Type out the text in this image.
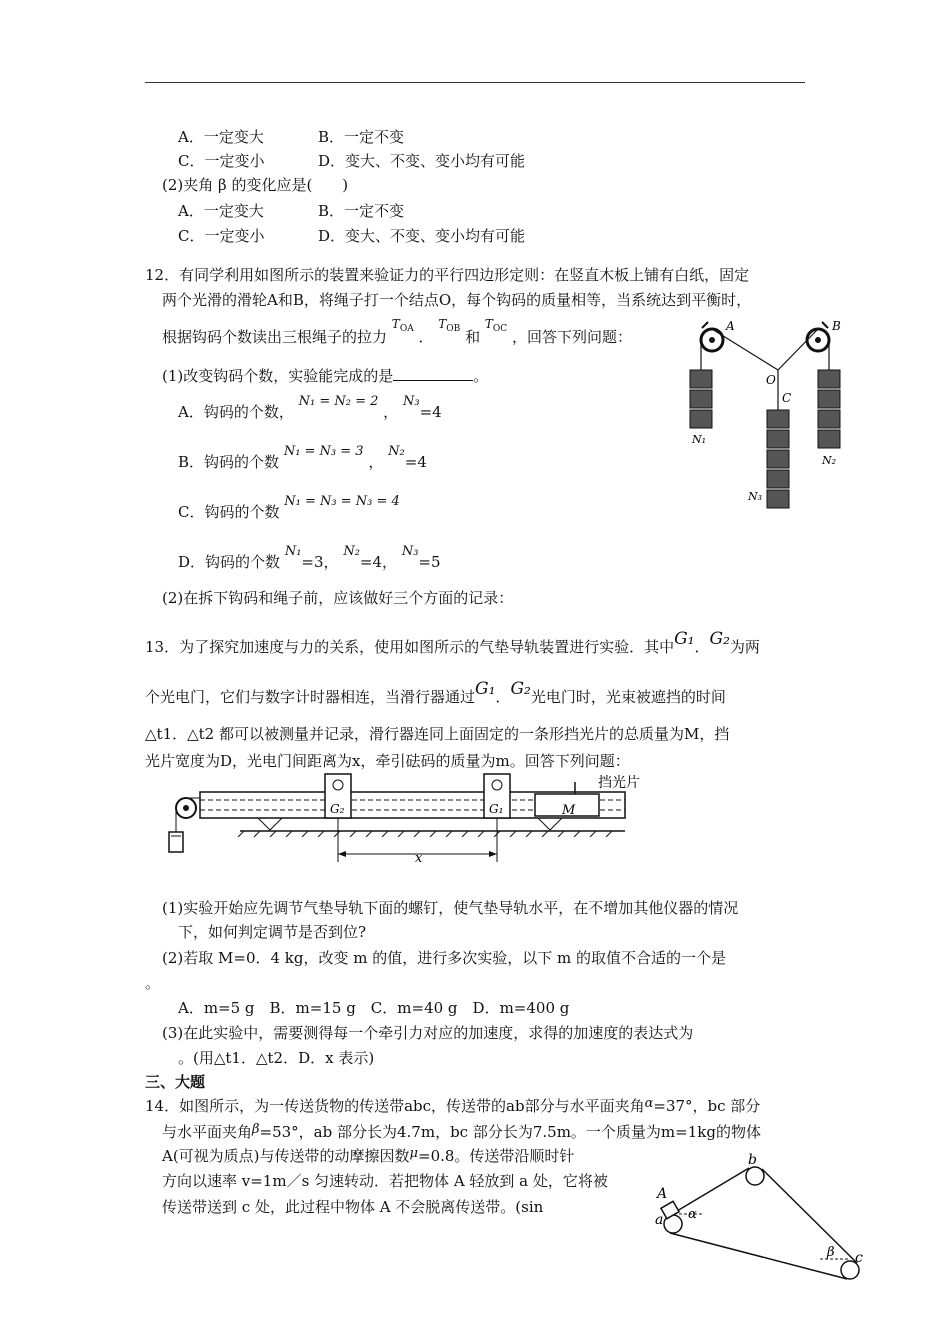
A．一定变大	B．一定不变
C．一定变小	D．变大、不变、变小均有可能
(2)夹角 β 的变化应是(　　)
A．一定变大	B．一定不变
C．一定变小	D．变大、不变、变小均有可能
12．有同学利用如图所示的装置来验证力的平行四边形定则：在竖直木板上铺有白纸，固定
两个光滑的滑轮A和B，将绳子打一个结点O，每个钩码的质量相等，当系统达到平衡时，
根据钩码个数读出三根绳子的拉力 $^{T_{OA}}$ ． $^{T_{OB}}$ 和 $^{T_{OC}}$ ，回答下列问题：
(1)改变钩码个数，实验能完成的是	。
A．钩码的个数， N₁ = N₂ = 2 ， N₃=4
B．钩码的个数 N₁ = N₃ = 3 ， N₂=4
C．钩码的个数 N₁ = N₃ = N₃ = 4
D．钩码的个数 N₁=3， N₂=4， N₃=5
(2)在拆下钩码和绳子前，应该做好三个方面的记录：
A	B
O
C
N₁
N₂
N₃
13．为了探究加速度与力的关系，使用如图所示的气垫导轨装置进行实验．其中G₁．G₂为两
个光电门，它们与数字计时器相连，当滑行器通过G₁．G₂光电门时，光束被遮挡的时间
△t1．△t2 都可以被测量并记录，滑行器连同上面固定的一条形挡光片的总质量为M，挡
光片宽度为D，光电门间距离为x，牵引砝码的质量为m。回答下列问题：
x
G₂	G₁	M
挡光片
(1)实验开始应先调节气垫导轨下面的螺钉，使气垫导轨水平，在不增加其他仪器的情况
下，如何判定调节是否到位?
(2)若取 M=0．4 kg，改变 m 的值，进行多次实验，以下 m 的取值不合适的一个是
。
A．m=5 g　B．m=15 g　C．m=40 g　D．m=400 g
(3)在此实验中，需要测得每一个牵引力对应的加速度，求得的加速度的表达式为
。(用△t1．△t2．D．x 表示)
三、大题
14．如图所示，为一传送货物的传送带abc，传送带的ab部分与水平面夹角α=37°，bc 部分
与水平面夹角β=53°，ab 部分长为4.7m，bc 部分长为7.5m。一个质量为m=1kg的物体
A(可视为质点)与传送带的动摩擦因数μ=0.8。传送带沿顺时针
方向以速率 v=1m／s 匀速转动．若把物体 A 轻放到 a 处，它将被
传送带送到 c 处，此过程中物体 A 不会脱离传送带。(sin
A
a α
b
β c
